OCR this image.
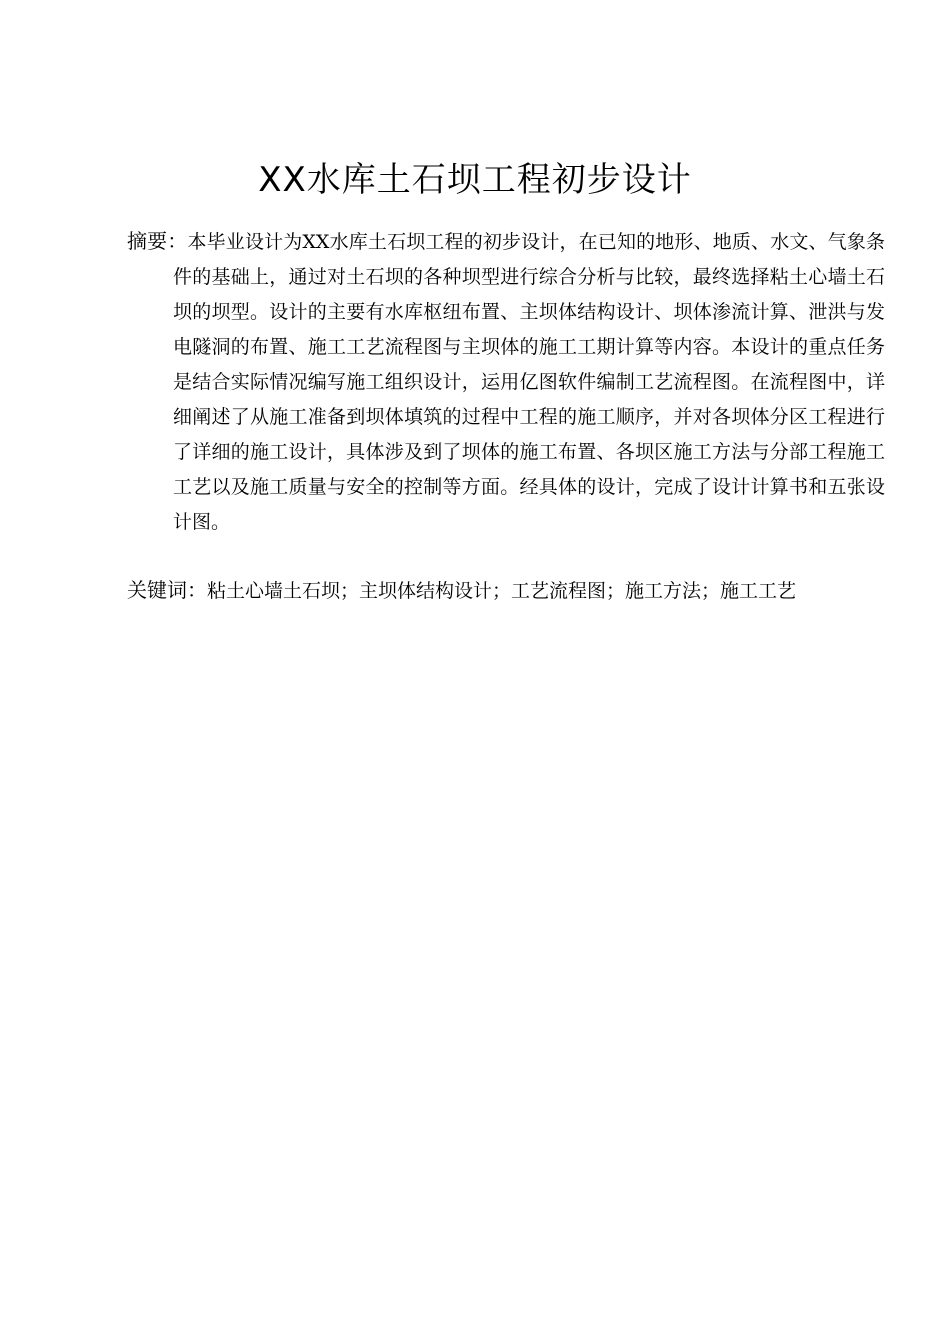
XX水库土石坝工程初步设计

摘要：本毕业设计为XX水库土石坝工程的初步设计，在已知的地形、地质、水文、气象条件的基础上，通过对土石坝的各种坝型进行综合分析与比较，最终选择粘土心墙土石坝的坝型。设计的主要有水库枢纽布置、主坝体结构设计、坝体渗流计算、泄洪与发电隧洞的布置、施工工艺流程图与主坝体的施工工期计算等内容。本设计的重点任务是结合实际情况编写施工组织设计，运用亿图软件编制工艺流程图。在流程图中，详细阐述了从施工准备到坝体填筑的过程中工程的施工顺序，并对各坝体分区工程进行了详细的施工设计，具体涉及到了坝体的施工布置、各坝区施工方法与分部工程施工工艺以及施工质量与安全的控制等方面。经具体的设计，完成了设计计算书和五张设计图。

关键词：粘土心墙土石坝；主坝体结构设计；工艺流程图；施工方法；施工工艺
